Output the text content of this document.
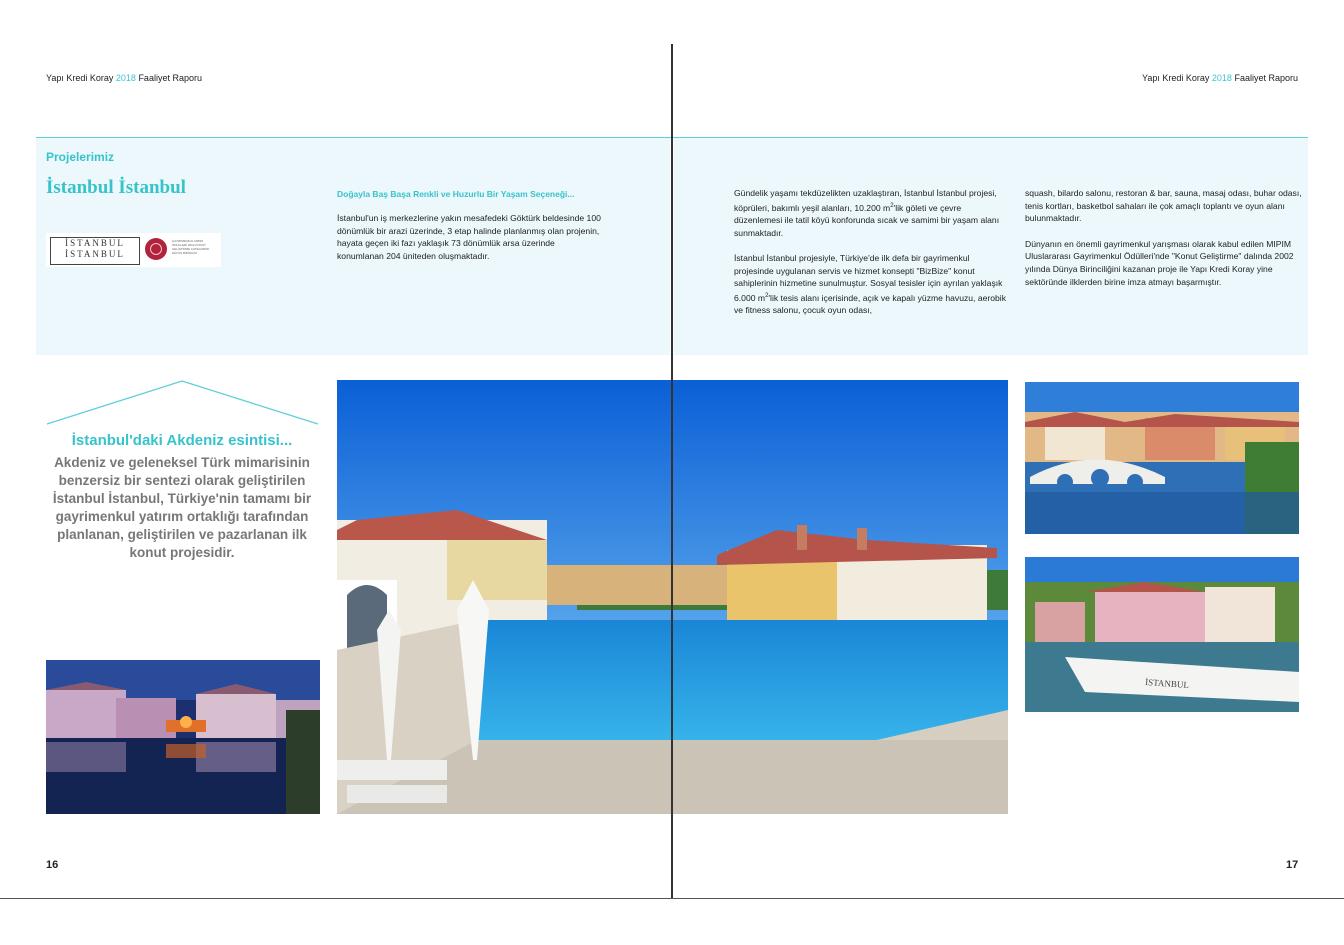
Yapı Kredi Koray 2018 Faaliyet Raporu	Yapı Kredi Koray 2018 Faaliyet Raporu
Projelerimiz
İstanbul İstanbul
İSTANBUL
İSTANBUL
GAYRİMENKUL MİPİM ÖDÜLLERİ 2002 KONUT GELİŞTİRME KATEGORİSİ DÜNYA BİRİNCİSİ
Doğayla Baş Başa Renkli ve Huzurlu Bir Yaşam Seçeneği...
İstanbul'un iş merkezlerine yakın mesafedeki Göktürk beldesinde 100 dönümlük bir arazi üzerinde, 3 etap halinde planlanmış olan projenin, hayata geçen iki fazı yaklaşık 73 dönümlük arsa üzerinde konumlanan 204 üniteden oluşmaktadır.

Gündelik yaşamı tekdüzelikten uzaklaştıran, İstanbul İstanbul projesi, köprüleri, bakımlı yeşil alanları, 10.200 $m^2'lik$ göleti ve çevre düzenlemesi ile tatil köyü konforunda sıcak ve samimi bir yaşam alanı sunmaktadır.

İstanbul İstanbul projesiyle, Türkiye'de ilk defa bir gayrimenkul projesinde uygulanan servis ve hizmet konsepti "BizBize" konut sahiplerinin hizmetine sunulmuştur. Sosyal tesisler için ayrılan yaklaşık 6.000 $m^2'lik$ tesis alanı içerisinde, açık ve kapalı yüzme havuzu, aerobik ve fitness salonu, çocuk oyun odası,

squash, bilardo salonu, restoran & bar, sauna, masaj odası, buhar odası, tenis kortları, basketbol sahaları ile çok amaçlı toplantı ve oyun alanı bulunmaktadır.

Dünyanın en önemli gayrimenkul yarışması olarak kabul edilen MIPIM Uluslararası Gayrimenkul Ödülleri'nde "Konut Geliştirme" dalında 2002 yılında Dünya Birinciliğini kazanan proje ile Yapı Kredi Koray yine sektöründe ilklerden birine imza atmayı başarmıştır.

İstanbul'daki Akdeniz esintisi...
Akdeniz ve geleneksel Türk mimarisinin benzersiz bir sentezi olarak geliştirilen İstanbul İstanbul, Türkiye'nin tamamı bir gayrimenkul yatırım ortaklığı tarafından planlanan, geliştirilen ve pazarlanan ilk konut projesidir.
İSTANBUL
16	17
